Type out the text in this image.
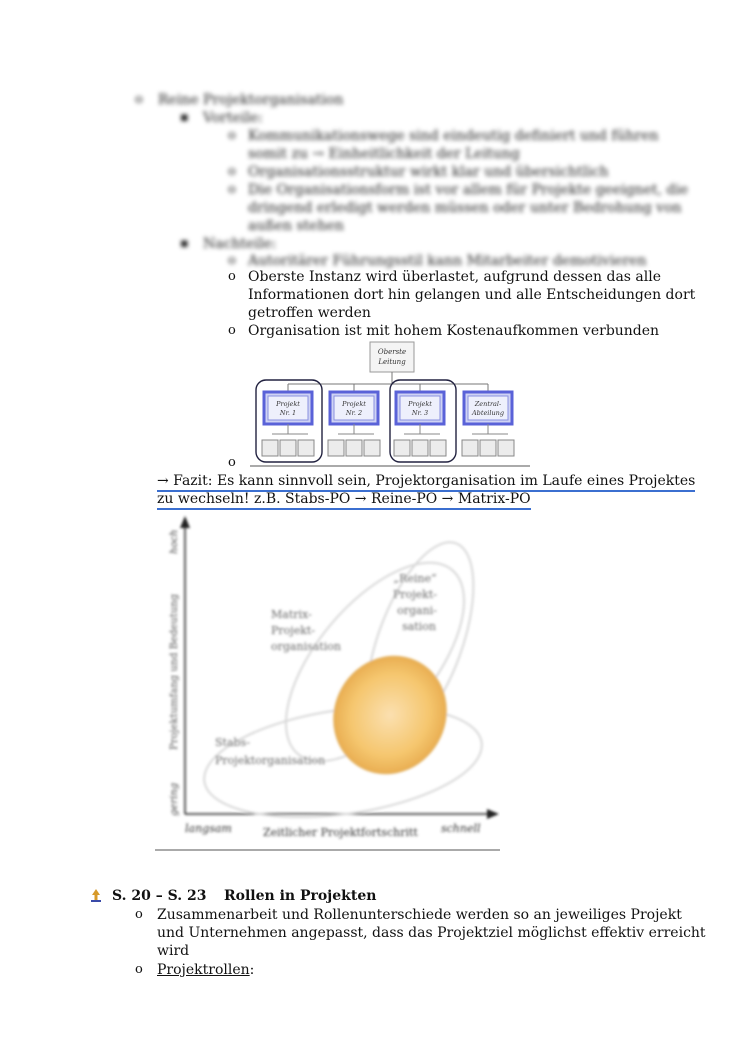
o Reine Projektorganisation
▪ Vorteile:
o Kommunikationswege sind eindeutig definiert und führen
somit zu → Einheitlichkeit der Leitung
o Organisationsstruktur wirkt klar und übersichtlich
o Die Organisationsform ist vor allem für Projekte geeignet, die
dringend erledigt werden müssen oder unter Bedrohung von
außen stehen
▪ Nachteile:
o Autoritärer Führungsstil kann Mitarbeiter demotivieren
o Oberste Instanz wird überlastet, aufgrund dessen das alle
Informationen dort hin gelangen und alle Entscheidungen dort
getroffen werden
o Organisation ist mit hohem Kostenaufkommen verbunden
Oberste
Leitung
Projekt
Nr. 1
Projekt
Nr. 2
Projekt
Nr. 3
Zentral-
Abteilung
o
→ Fazit: Es kann sinnvoll sein, Projektorganisation im Laufe eines Projektes
zu wechseln! z.B. Stabs-PO → Reine-PO → Matrix-PO
„Reine“
Projekt-
organi-
sation
Matrix-
Projekt-
organisation
Stabs-
Projektorganisation
hoch
Projektumfang und Bedeutung
gering
langsam	Zeitlicher Projektfortschritt schnell
S. 20 – S. 23 Rollen in Projekten
o Zusammenarbeit und Rollenunterschiede werden so an jeweiliges Projekt
und Unternehmen angepasst, dass das Projektziel möglichst effektiv erreicht
wird
o Projektrollen:
